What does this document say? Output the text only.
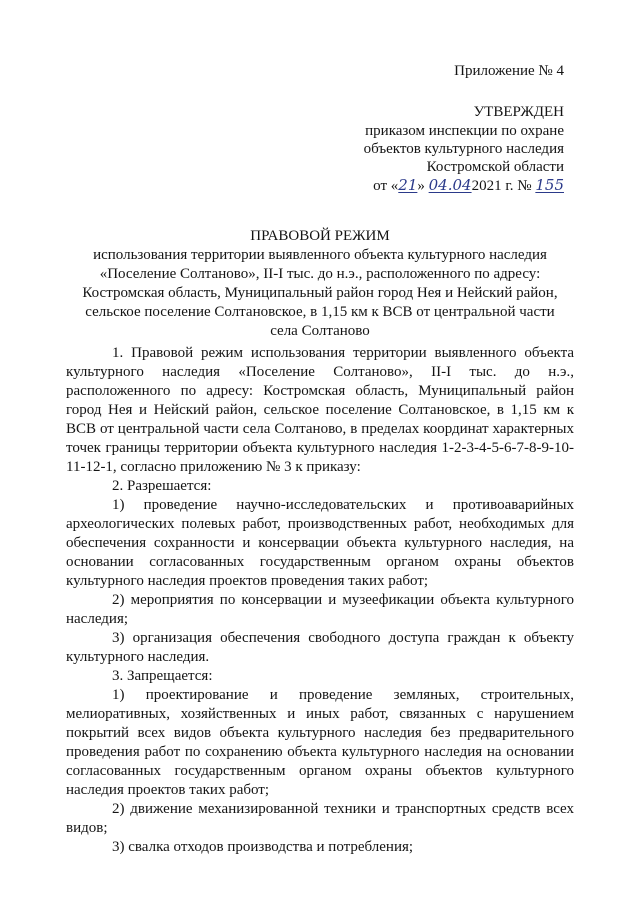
Приложение № 4
УТВЕРЖДЕН
приказом инспекции по охране
объектов культурного наследия
Костромской области
от «21» 04.042021 г. № 155
ПРАВОВОЙ РЕЖИМ
использования территории выявленного объекта культурного наследия
«Поселение Солтаново», II-I тыс. до н.э., расположенного по адресу:
Костромская область, Муниципальный район город Нея и Нейский район,
сельское поселение Солтановское, в 1,15 км к ВСВ от центральной части
села Солтаново

1. Правовой режим использования территории выявленного объекта культурного наследия «Поселение Солтаново», II-I тыс. до н.э., расположенного по адресу: Костромская область, Муниципальный район город Нея и Нейский район, сельское поселение Солтановское, в 1,15 км к ВСВ от центральной части села Солтаново, в пределах координат характерных точек границы территории объекта культурного наследия 1-2-3-4-5-6-7-8-9-10-11-12-1, согласно приложению № 3 к приказу:

2. Разрешается:

1) проведение научно-исследовательских и противоаварийных археологических полевых работ, производственных работ, необходимых для обеспечения сохранности и консервации объекта культурного наследия, на основании согласованных государственным органом охраны объектов культурного наследия проектов проведения таких работ;

2) мероприятия по консервации и музеефикации объекта культурного наследия;

3) организация обеспечения свободного доступа граждан к объекту культурного наследия.

3. Запрещается:

1) проектирование и проведение земляных, строительных, мелиоративных, хозяйственных и иных работ, связанных с нарушением покрытий всех видов объекта культурного наследия без предварительного проведения работ по сохранению объекта культурного наследия на основании согласованных государственным органом охраны объектов культурного наследия проектов таких работ;

2) движение механизированной техники и транспортных средств всех видов;

3) свалка отходов производства и потребления;
